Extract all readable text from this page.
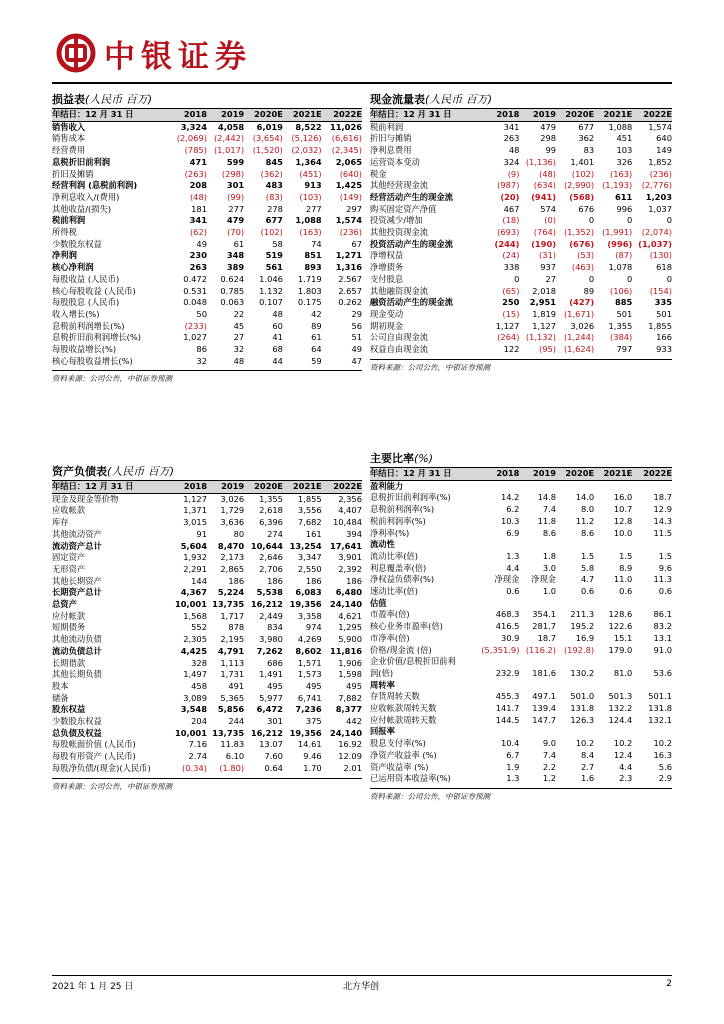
中银证券
损益表(人民币 百万)
年结日：12 月 31 日	2018	2019	2020E	2021E	2022E
销售收入	3,324	4,058	6,019	8,522	11,026
销售成本	(2,069)	(2,442)	(3,654)	(5,126)	(6,616)
经营费用	(785)	(1,017)	(1,520)	(2,032)	(2,345)
息税折旧前利润	471	599	845	1,364	2,065
折旧及摊销	(263)	(298)	(362)	(451)	(640)
经营利润 (息税前利润)	208	301	483	913	1,425
净利息收入/(费用)	(48)	(99)	(83)	(103)	(149)
其他收益/(损失)	181	277	278	277	297
税前利润	341	479	677	1,088	1,574
所得税	(62)	(70)	(102)	(163)	(236)
少数股东权益	49	61	58	74	67
净利润	230	348	519	851	1,271
核心净利润	263	389	561	893	1,316
每股收益 (人民币)	0.472	0.624	1.046	1.719	2.567
核心每股收益 (人民币)	0.531	0.785	1.132	1.803	2.657
每股股息 (人民币)	0.048	0.063	0.107	0.175	0.262
收入增长(%)	50	22	48	42	29
息税前利润增长(%)	(233)	45	60	89	56
息税折旧前利润增长(%)	1,027	27	41	61	51
每股收益增长(%)	86	32	68	64	49
核心每股收益增长(%)	32	48	44	59	47
资料来源：公司公告，中银证券预测
现金流量表(人民币 百万)
年结日：12 月 31 日	2018	2019	2020E	2021E	2022E
税前利润	341	479	677	1,088	1,574
折旧与摊销	263	298	362	451	640
净利息费用	48	99	83	103	149
运营资本变动	324	(1,136)	1,401	326	1,852
税金	(9)	(48)	(102)	(163)	(236)
其他经营现金流	(987)	(634)	(2,990)	(1,193)	(2,776)
经营活动产生的现金流	(20)	(941)	(568)	611	1,203
购买固定资产净值	467	574	676	996	1,037
投资减少/增加	(18)	(0)	0	0	0
其他投资现金流	(693)	(764)	(1,352)	(1,991)	(2,074)
投资活动产生的现金流	(244)	(190)	(676)	(996)	(1,037)
净增权益	(24)	(31)	(53)	(87)	(130)
净增债务	338	937	(463)	1,078	618
支付股息	0	27	0	0	0
其他融资现金流	(65)	2,018	89	(106)	(154)
融资活动产生的现金流	250	2,951	(427)	885	335
现金变动	(15)	1,819	(1,671)	501	501
期初现金	1,127	1,127	3,026	1,355	1,855
公司自由现金流	(264)	(1,132)	(1,244)	(384)	166
权益自由现金流	122	(95)	(1,624)	797	933
资料来源：公司公告，中银证券预测
资产负债表(人民币 百万)
年结日：12 月 31 日	2018	2019	2020E	2021E	2022E
现金及现金等价物	1,127	3,026	1,355	1,855	2,356
应收帐款	1,371	1,729	2,618	3,556	4,407
库存	3,015	3,636	6,396	7,682	10,484
其他流动资产	91	80	274	161	394
流动资产总计	5,604	8,470	10,644	13,254	17,641
固定资产	1,932	2,173	2,646	3,347	3,901
无形资产	2,291	2,865	2,706	2,550	2,392
其他长期资产	144	186	186	186	186
长期资产总计	4,367	5,224	5,538	6,083	6,480
总资产	10,001	13,735	16,212	19,356	24,140
应付帐款	1,568	1,717	2,449	3,358	4,621
短期债务	552	878	834	974	1,295
其他流动负债	2,305	2,195	3,980	4,269	5,900
流动负债总计	4,425	4,791	7,262	8,602	11,816
长期借款	328	1,113	686	1,571	1,906
其他长期负债	1,497	1,731	1,491	1,573	1,598
股本	458	491	495	495	495
储备	3,089	5,365	5,977	6,741	7,882
股东权益	3,548	5,856	6,472	7,236	8,377
少数股东权益	204	244	301	375	442
总负债及权益	10,001	13,735	16,212	19,356	24,140
每股帐面价值 (人民币)	7.16	11.83	13.07	14.61	16.92
每股有形资产 (人民币)	2.74	6.10	7.60	9.46	12.09
每股净负债/(现金)(人民币)	(0.34)	(1.80)	0.64	1.70	2.01
资料来源：公司公告，中银证券预测
主要比率(%)
年结日：12 月 31 日	2018	2019	2020E	2021E	2022E
盈利能力					
息税折旧前利润率(%)	14.2	14.8	14.0	16.0	18.7
息税前利润率(%)	6.2	7.4	8.0	10.7	12.9
税前利润率(%)	10.3	11.8	11.2	12.8	14.3
净利率(%)	6.9	8.6	8.6	10.0	11.5
流动性					
流动比率(倍)	1.3	1.8	1.5	1.5	1.5
利息覆盖率(倍)	4.4	3.0	5.8	8.9	9.6
净权益负债率(%)	净现金	净现金	4.7	11.0	11.3
速动比率(倍)	0.6	1.0	0.6	0.6	0.6
估值					
市盈率(倍)	468.3	354.1	211.3	128.6	86.1
核心业务市盈率(倍)	416.5	281.7	195.2	122.6	83.2
市净率(倍)	30.9	18.7	16.9	15.1	13.1
价格/现金流 (倍)	(5,351.9)	(116.2)	(192.8)	179.0	91.0
企业价值/息税折旧前利					
润(倍)	232.9	181.6	130.2	81.0	53.6
周转率					
存货周转天数	455.3	497.1	501.0	501.3	501.1
应收帐款周转天数	141.7	139.4	131.8	132.2	131.8
应付帐款周转天数	144.5	147.7	126.3	124.4	132.1
回报率					
股息支付率(%)	10.4	9.0	10.2	10.2	10.2
净资产收益率 (%)	6.7	7.4	8.4	12.4	16.3
资产收益率 (%)	1.9	2.2	2.7	4.4	5.6
已运用资本收益率(%)	1.3	1.2	1.6	2.3	2.9
资料来源：公司公告，中银证券预测
2021 年 1 月 25 日	北方华创	2
